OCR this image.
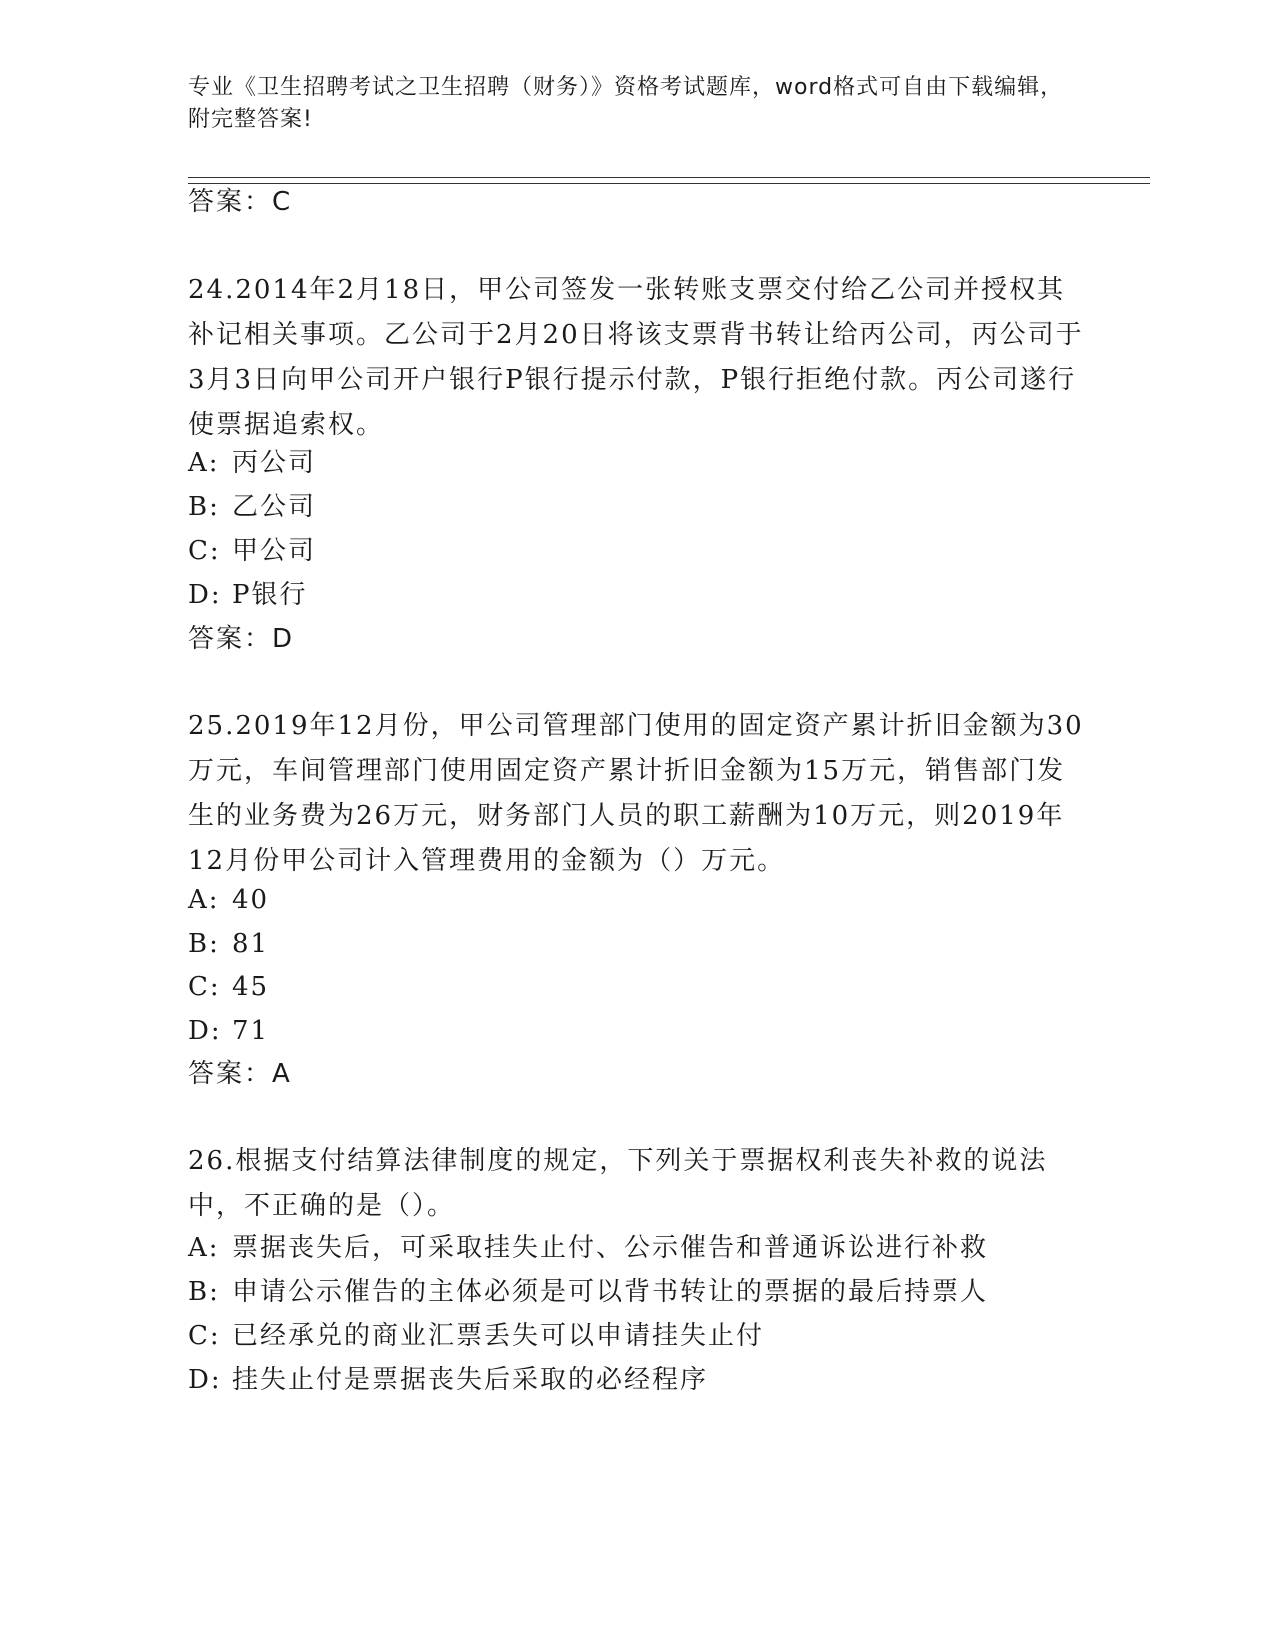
专业《卫生招聘考试之卫生招聘（财务）》资格考试题库，word格式可自由下载编辑，附完整答案!
答案：C
24.2014年2月18日，甲公司签发一张转账支票交付给乙公司并授权其补记相关事项。乙公司于2月20日将该支票背书转让给丙公司，丙公司于3月3日向甲公司开户银行P银行提示付款，P银行拒绝付款。丙公司遂行使票据追索权。
A: 丙公司
B: 乙公司
C: 甲公司
D: P银行
答案：D
25.2019年12月份，甲公司管理部门使用的固定资产累计折旧金额为30万元，车间管理部门使用固定资产累计折旧金额为15万元，销售部门发生的业务费为26万元，财务部门人员的职工薪酬为10万元，则2019年12月份甲公司计入管理费用的金额为（）万元。
A: 40
B: 81
C: 45
D: 71
答案：A
26.根据支付结算法律制度的规定，下列关于票据权利丧失补救的说法中，不正确的是（）。
A: 票据丧失后，可采取挂失止付、公示催告和普通诉讼进行补救
B: 申请公示催告的主体必须是可以背书转让的票据的最后持票人
C: 已经承兑的商业汇票丢失可以申请挂失止付
D: 挂失止付是票据丧失后采取的必经程序
